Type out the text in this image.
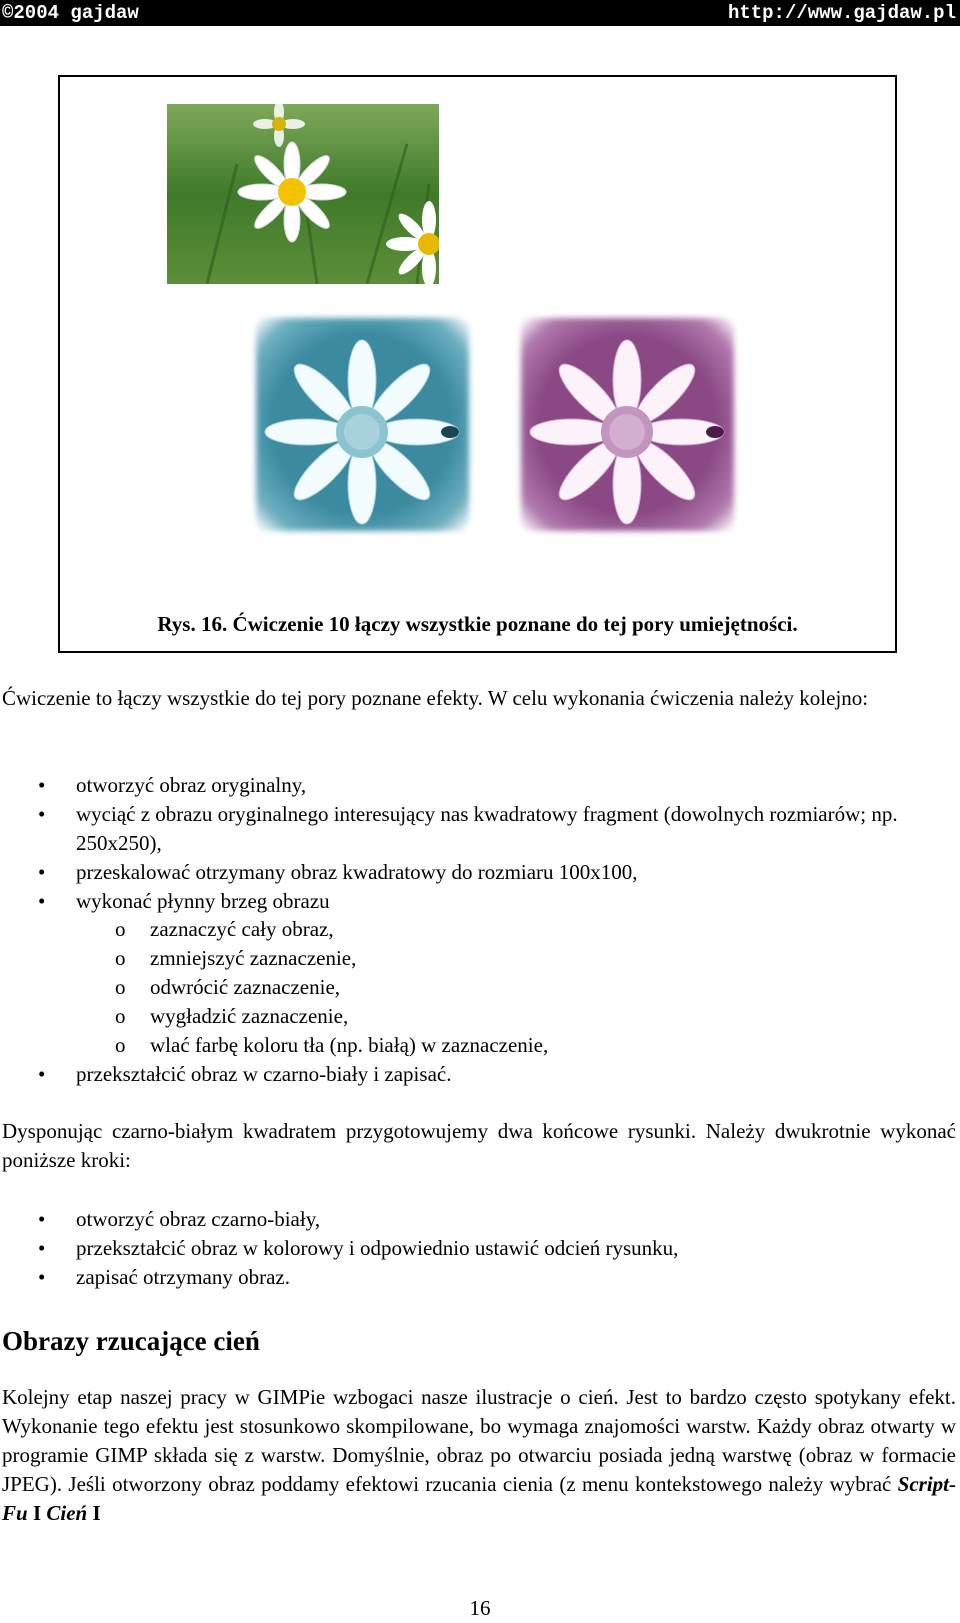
©2004 gajdaw	http://www.gajdaw.pl
Rys. 16. Ćwiczenie 10 łączy wszystkie poznane do tej pory umiejętności.
Ćwiczenie to łączy wszystkie do tej pory poznane efekty. W celu wykonania ćwiczenia należy kolejno:
• otworzyć obraz oryginalny,
• wyciąć z obrazu oryginalnego interesujący nas kwadratowy fragment (dowolnych rozmiarów; np. 250x250),
• przeskalować otrzymany obraz kwadratowy do rozmiaru 100x100,
• wykonać płynny brzeg obrazu
o zaznaczyć cały obraz,
o zmniejszyć zaznaczenie,
o odwrócić zaznaczenie,
o wygładzić zaznaczenie,
o wlać farbę koloru tła (np. białą) w zaznaczenie,
• przekształcić obraz w czarno-biały i zapisać.
Dysponując czarno-białym kwadratem przygotowujemy dwa końcowe rysunki. Należy dwukrotnie wykonać poniższe kroki:
• otworzyć obraz czarno-biały,
• przekształcić obraz w kolorowy i odpowiednio ustawić odcień rysunku,
• zapisać otrzymany obraz.
Obrazy rzucające cień
Kolejny etap naszej pracy w GIMPie wzbogaci nasze ilustracje o cień. Jest to bardzo często spotykany efekt. Wykonanie tego efektu jest stosunkowo skompilowane, bo wymaga znajomości warstw. Każdy obraz otwarty w programie GIMP składa się z warstw. Domyślnie, obraz po otwarciu posiada jedną warstwę (obraz w formacie JPEG). Jeśli otworzony obraz poddamy efektowi rzucania cienia (z menu kontekstowego należy wybrać Script-Fu I Cień I
16
